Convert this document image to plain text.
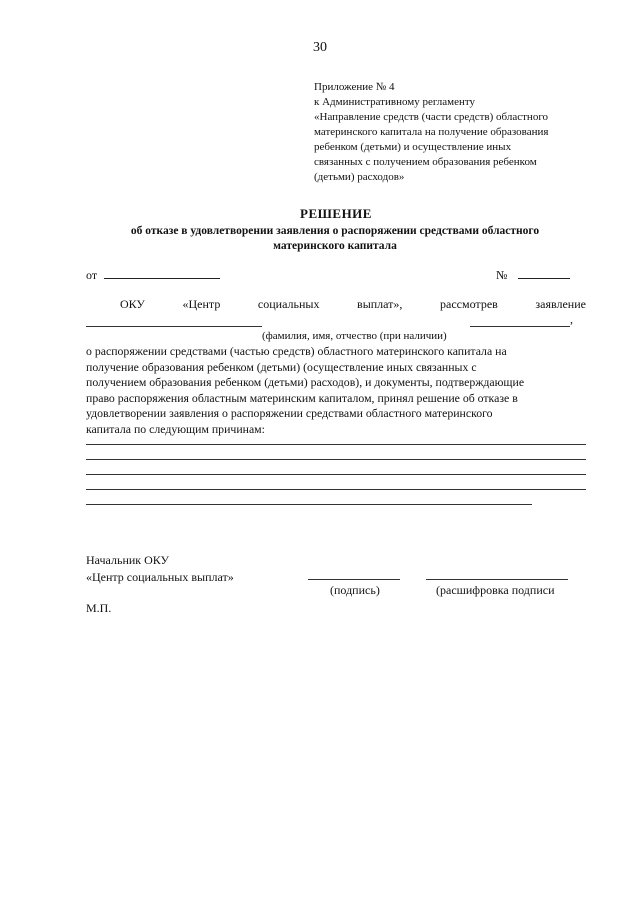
30
Приложение № 4
к Административному регламенту
«Направление средств (части средств) областного
материнского капитала на получение образования
ребенком (детьми) и осуществление иных
связанных с получением образования ребенком
(детьми) расходов»
РЕШЕНИЕ
об отказе в удовлетворении заявления о распоряжении средствами областного
материнского капитала
от	№
ОКУ	«Центр	социальных	выплат»,	рассмотрев	заявление
,
(фамилия, имя, отчество (при наличии)
о распоряжении средствами (частью средств) областного материнского капитала на
получение образования ребенком (детьми) (осуществление иных связанных с
получением образования ребенком (детьми) расходов), и документы, подтверждающие
право распоряжения областным материнским капиталом, принял решение об отказе в
удовлетворении заявления о распоряжении средствами областного материнского
капитала по следующим причинам:
Начальник ОКУ
«Центр социальных выплат»
(подпись)	(расшифровка подписи
М.П.
